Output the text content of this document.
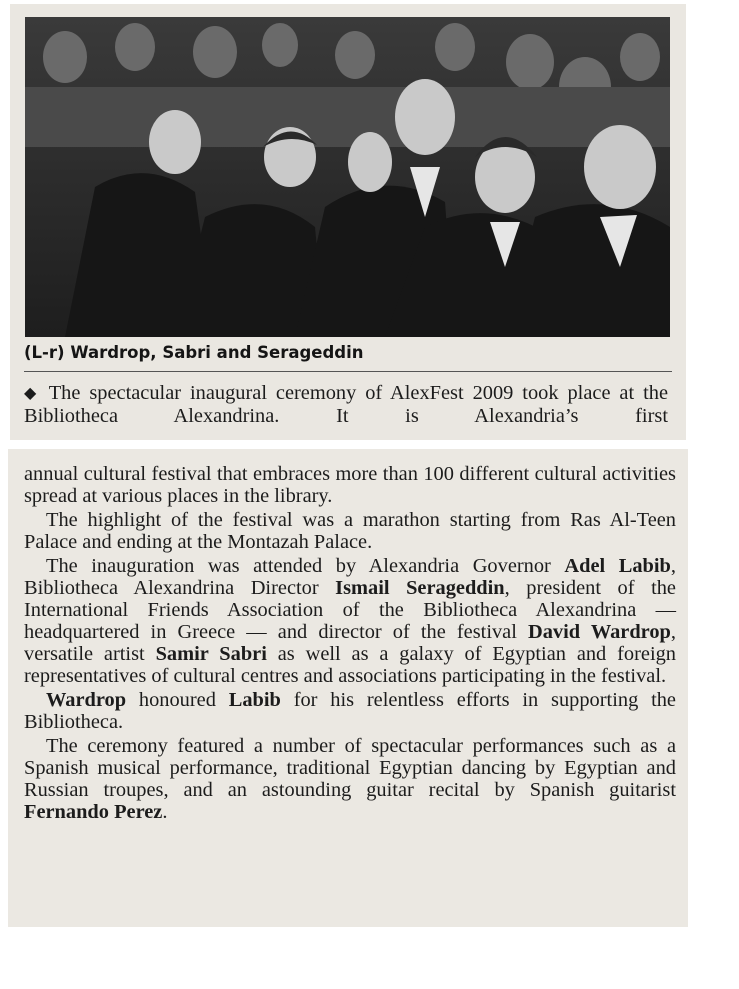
(L-r) Wardrop, Sabri and Serageddin
◆ The spectacular inaugural ceremony of AlexFest 2009 took place at the Bibliotheca Alexandrina. It is Alexandria’s first

annual cultural festival that embraces more than 100 different cultural activities spread at various places in the library.

The highlight of the festival was a marathon starting from Ras Al-Teen Palace and ending at the Montazah Palace.

The inauguration was attended by Alexandria Governor Adel Labib, Bibliotheca Alexandrina Director Ismail Serageddin, president of the International Friends Association of the Bibliotheca Alexandrina — headquartered in Greece — and director of the festival David Wardrop, versatile artist Samir Sabri as well as a galaxy of Egyptian and foreign representatives of cultural centres and associations participating in the festival.

Wardrop honoured Labib for his relentless efforts in supporting the Bibliotheca.

The ceremony featured a number of spectacular performances such as a Spanish musical performance, traditional Egyptian dancing by Egyptian and Russian troupes, and an astounding guitar recital by Spanish guitarist Fernando Perez.
